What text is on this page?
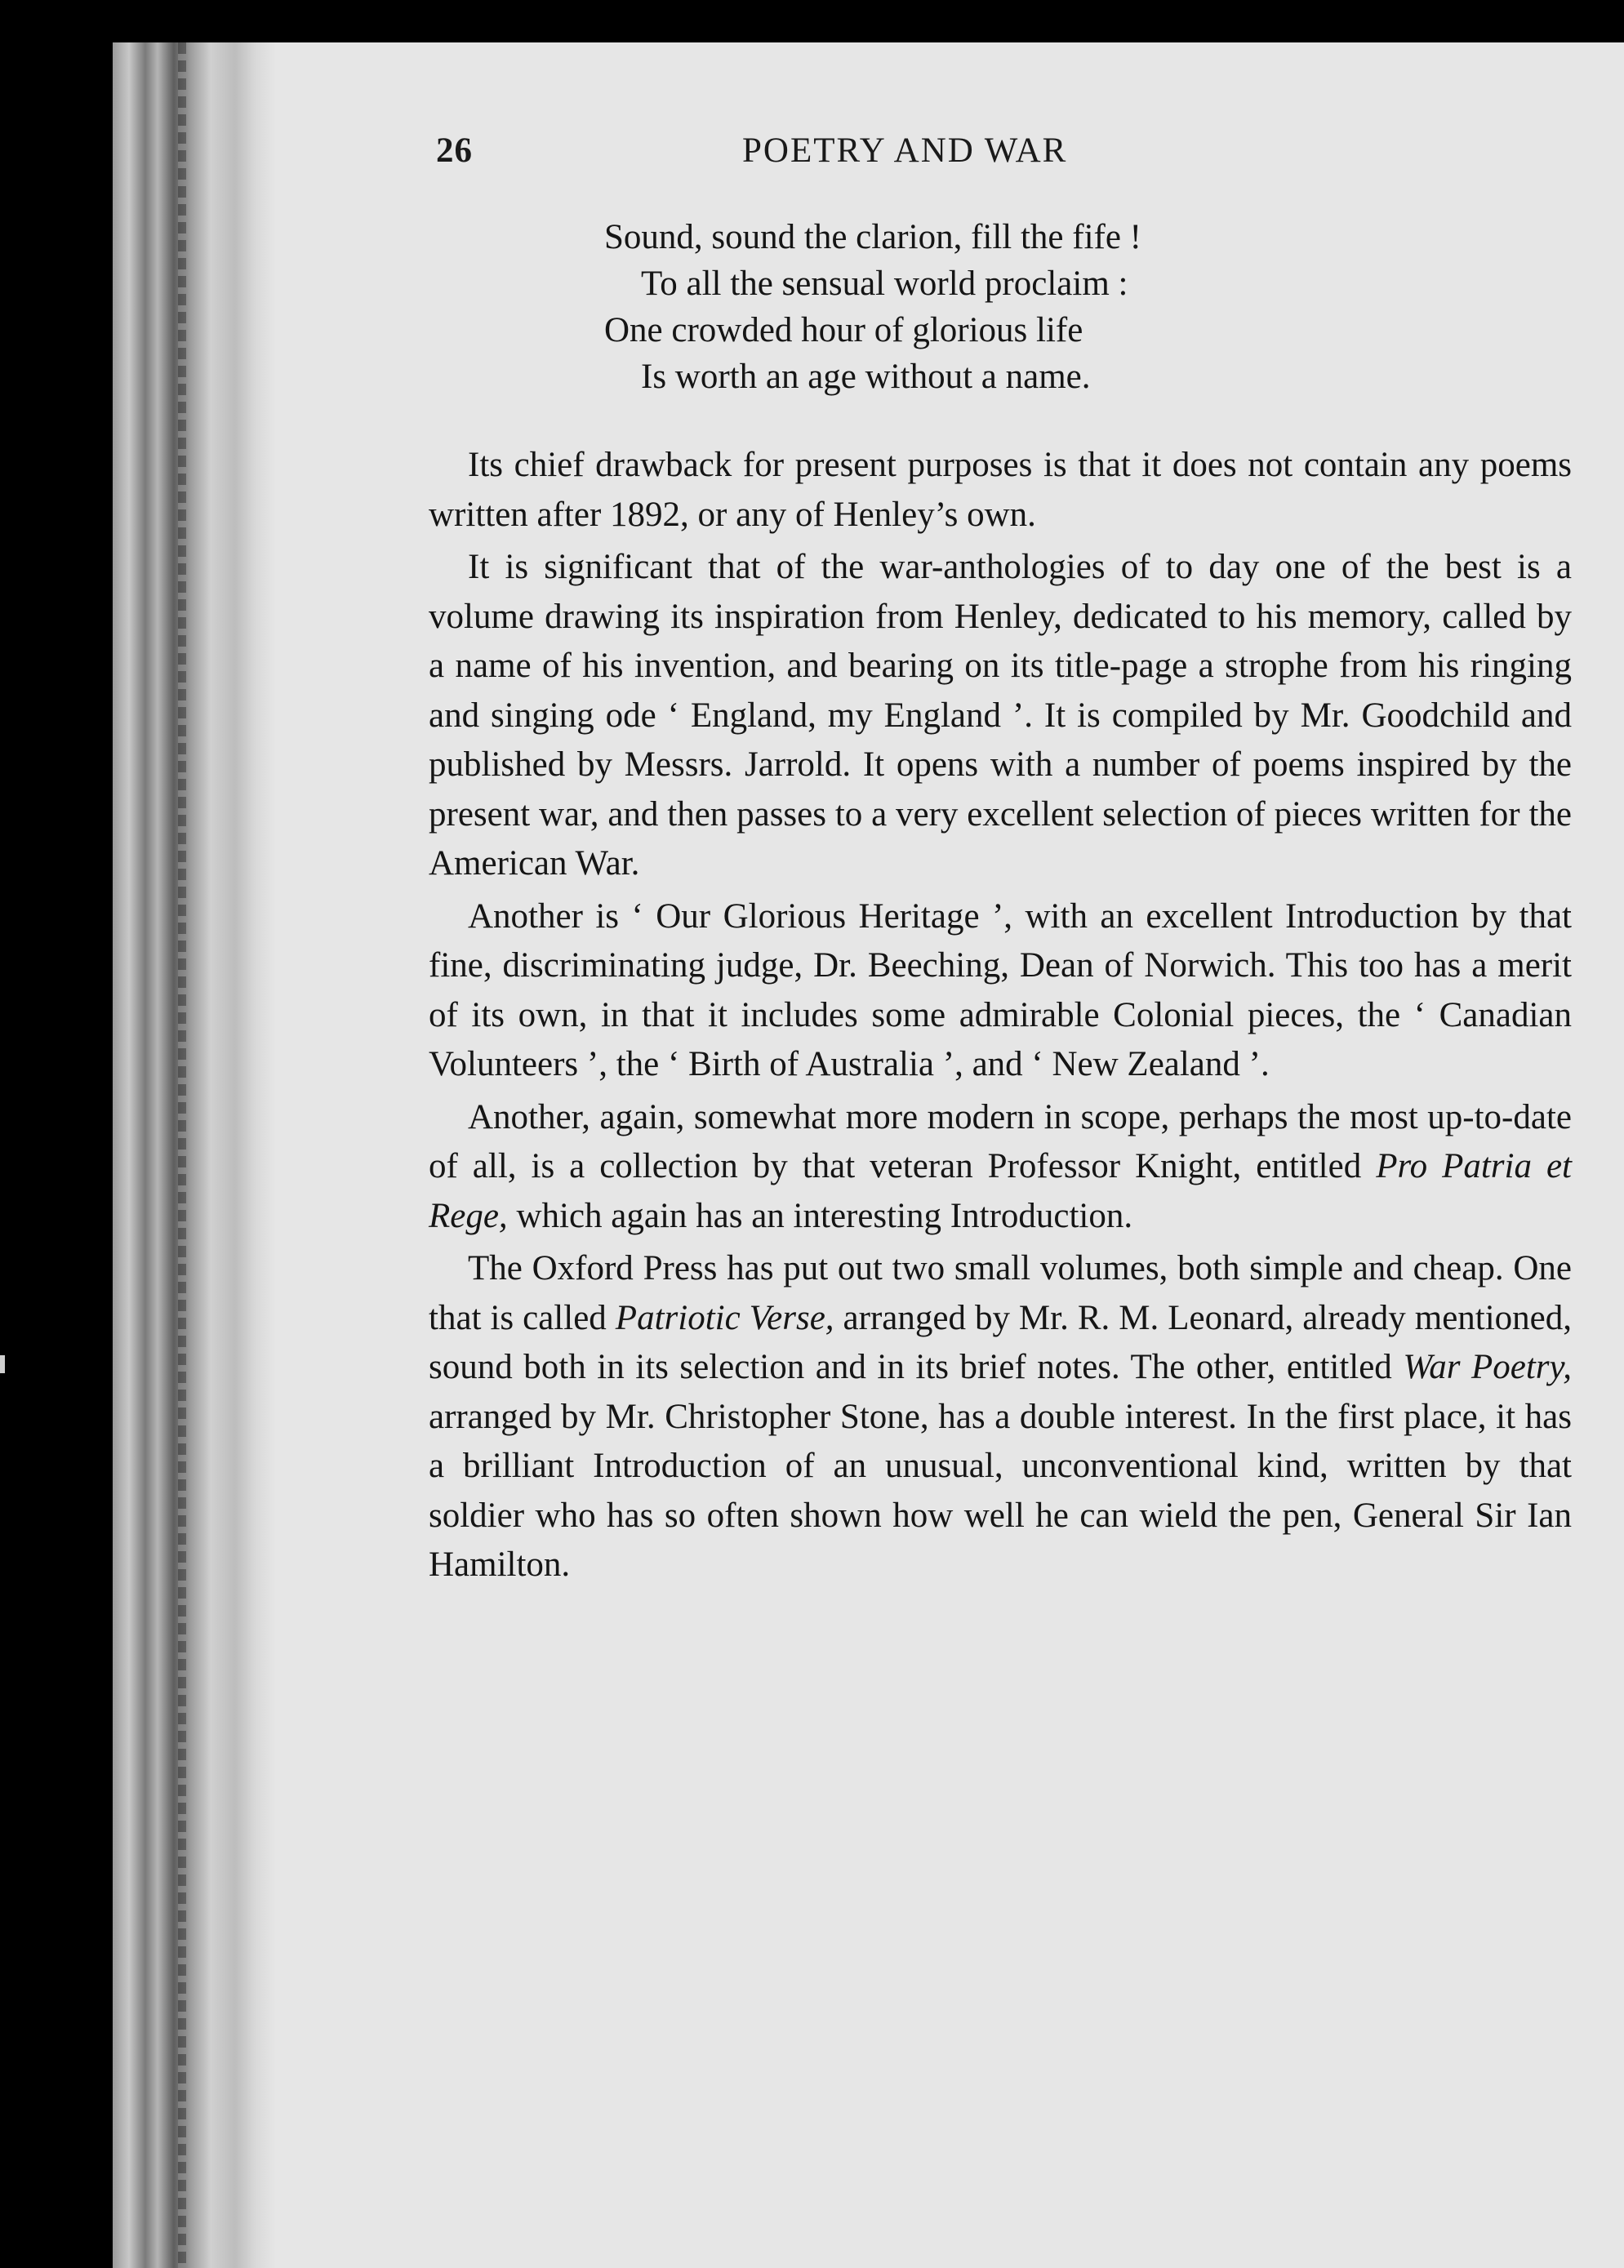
26	POETRY AND WAR
Sound, sound the clarion, fill the fife !
To all the sensual world proclaim :
One crowded hour of glorious life
Is worth an age without a name.

Its chief drawback for present purposes is that it does not contain any poems written after 1892, or any of Henley’s own.

It is significant that of the war-anthologies of to day one of the best is a volume drawing its inspiration from Henley, dedicated to his memory, called by a name of his invention, and bearing on its title-page a strophe from his ringing and singing ode ‘ England, my England ’. It is compiled by Mr. Goodchild and published by Messrs. Jarrold. It opens with a number of poems inspired by the present war, and then passes to a very excellent selection of pieces written for the American War.

Another is ‘ Our Glorious Heritage ’, with an excellent Introduction by that fine, discriminating judge, Dr. Beeching, Dean of Norwich. This too has a merit of its own, in that it includes some admirable Colonial pieces, the ‘ Canadian Volunteers ’, the ‘ Birth of Australia ’, and ‘ New Zealand ’.

Another, again, somewhat more modern in scope, perhaps the most up-to-date of all, is a collection by that veteran Professor Knight, entitled Pro Patria et Rege, which again has an interesting Introduction.

The Oxford Press has put out two small volumes, both simple and cheap. One that is called Patriotic Verse, arranged by Mr. R. M. Leonard, already mentioned, sound both in its selection and in its brief notes. The other, entitled War Poetry, arranged by Mr. Christopher Stone, has a double interest. In the first place, it has a brilliant Introduction of an unusual, unconventional kind, written by that soldier who has so often shown how well he can wield the pen, General Sir Ian Hamilton.
